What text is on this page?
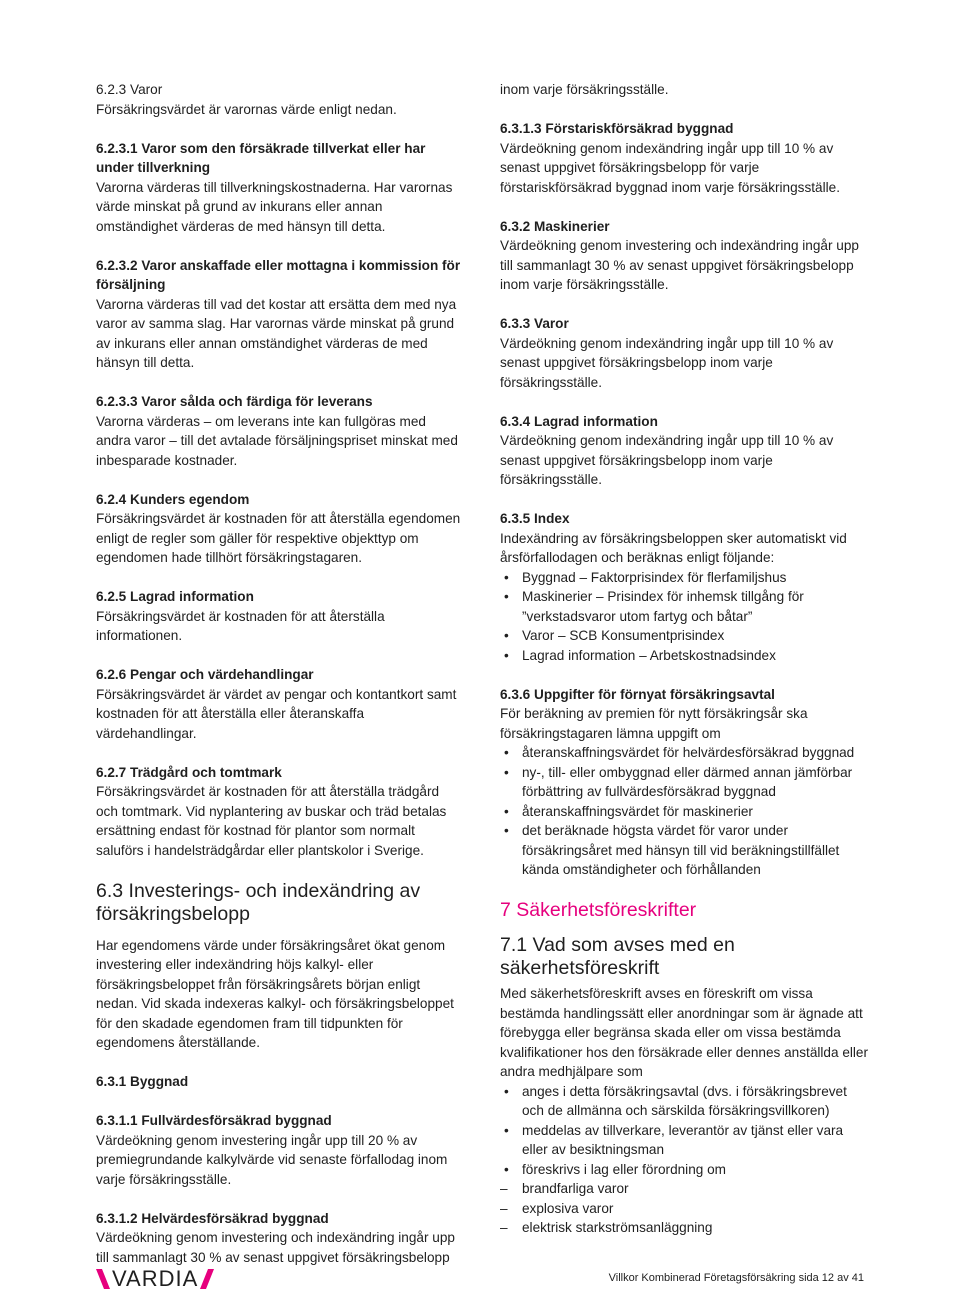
6.2.3 Varor
Försäkringsvärdet är varornas värde enligt nedan.
6.2.3.1 Varor som den försäkrade tillverkat eller har under tillverkning
Varorna värderas till tillverkningskostnaderna. Har varornas värde minskat på grund av inkurans eller annan omständighet värderas de med hänsyn till detta.
6.2.3.2 Varor anskaffade eller mottagna i kommission för försäljning
Varorna värderas till vad det kostar att ersätta dem med nya varor av samma slag. Har varornas värde minskat på grund av inkurans eller annan omständighet värderas de med hänsyn till detta.
6.2.3.3 Varor sålda och färdiga för leverans
Varorna värderas – om leverans inte kan fullgöras med andra varor – till det avtalade försäljningspriset minskat med inbesparade kostnader.
6.2.4 Kunders egendom
Försäkringsvärdet är kostnaden för att återställa egendomen enligt de regler som gäller för respektive objekttyp om egendomen hade tillhört försäkringstagaren.
6.2.5 Lagrad information
Försäkringsvärdet är kostnaden för att återställa informationen.
6.2.6 Pengar och värdehandlingar
Försäkringsvärdet är värdet av pengar och kontantkort samt kostnaden för att återställa eller återanskaffa värdehandlingar.
6.2.7 Trädgård och tomtmark
Försäkringsvärdet är kostnaden för att återställa trädgård och tomtmark. Vid nyplantering av buskar och träd betalas ersättning endast för kostnad för plantor som normalt saluförs i handelsträdgårdar eller plantskolor i Sverige.
6.3 Investerings- och indexändring av försäkringsbelopp
Har egendomens värde under försäkringsåret ökat genom investering eller indexändring höjs kalkyl- eller försäkringsbeloppet från försäkringsårets början enligt nedan. Vid skada indexeras kalkyl- och försäkringsbeloppet för den skadade egendomen fram till tidpunkten för egendomens återställande.
6.3.1 Byggnad
6.3.1.1 Fullvärdesförsäkrad byggnad
Värdeökning genom investering ingår upp till 20 % av premiegrundande kalkylvärde vid senaste förfallodag inom varje försäkringsställe.
6.3.1.2 Helvärdesförsäkrad byggnad
Värdeökning genom investering och indexändring ingår upp till sammanlagt 30 % av senast uppgivet försäkringsbelopp
inom varje försäkringsställe.
6.3.1.3 Förstariskförsäkrad byggnad
Värdeökning genom indexändring ingår upp till 10 % av senast uppgivet försäkringsbelopp för varje förstariskförsäkrad byggnad inom varje försäkringsställe.
6.3.2 Maskinerier
Värdeökning genom investering och indexändring ingår upp till sammanlagt 30 % av senast uppgivet försäkringsbelopp inom varje försäkringsställe.
6.3.3 Varor
Värdeökning genom indexändring ingår upp till 10 % av senast uppgivet försäkringsbelopp inom varje försäkringsställe.
6.3.4 Lagrad information
Värdeökning genom indexändring ingår upp till 10 % av senast uppgivet försäkringsbelopp inom varje försäkringsställe.
6.3.5 Index
Indexändring av försäkringsbeloppen sker automatiskt vid årsförfallodagen och beräknas enligt följande:
• Byggnad – Faktorprisindex för flerfamiljshus
• Maskinerier – Prisindex för inhemsk tillgång för ”verkstadsvaror utom fartyg och båtar”
• Varor – SCB Konsumentprisindex
• Lagrad information – Arbetskostnadsindex
6.3.6 Uppgifter för förnyat försäkringsavtal
För beräkning av premien för nytt försäkringsår ska försäkringstagaren lämna uppgift om
• återanskaffningsvärdet för helvärdesförsäkrad byggnad
• ny-, till- eller ombyggnad eller därmed annan jämförbar förbättring av fullvärdesförsäkrad byggnad
• återanskaffningsvärdet för maskinerier
• det beräknade högsta värdet för varor under försäkringsåret med hänsyn till vid beräkningstillfället kända omständigheter och förhållanden
7 Säkerhetsföreskrifter
7.1 Vad som avses med en säkerhetsföreskrift
Med säkerhetsföreskrift avses en föreskrift om vissa bestämda handlingssätt eller anordningar som är ägnade att förebygga eller begränsa skada eller om vissa bestämda kvalifikationer hos den försäkrade eller dennes anställda eller andra medhjälpare som
• anges i detta försäkringsavtal (dvs. i försäkringsbrevet och de allmänna och särskilda försäkringsvillkoren)
• meddelas av tillverkare, leverantör av tjänst eller vara eller av besiktningsman
• föreskrivs i lag eller förordning om
– brandfarliga varor
– explosiva varor
– elektrisk starkströmsanläggning
VARDIA	Villkor Kombinerad Företagsförsäkring sida 12 av 41
